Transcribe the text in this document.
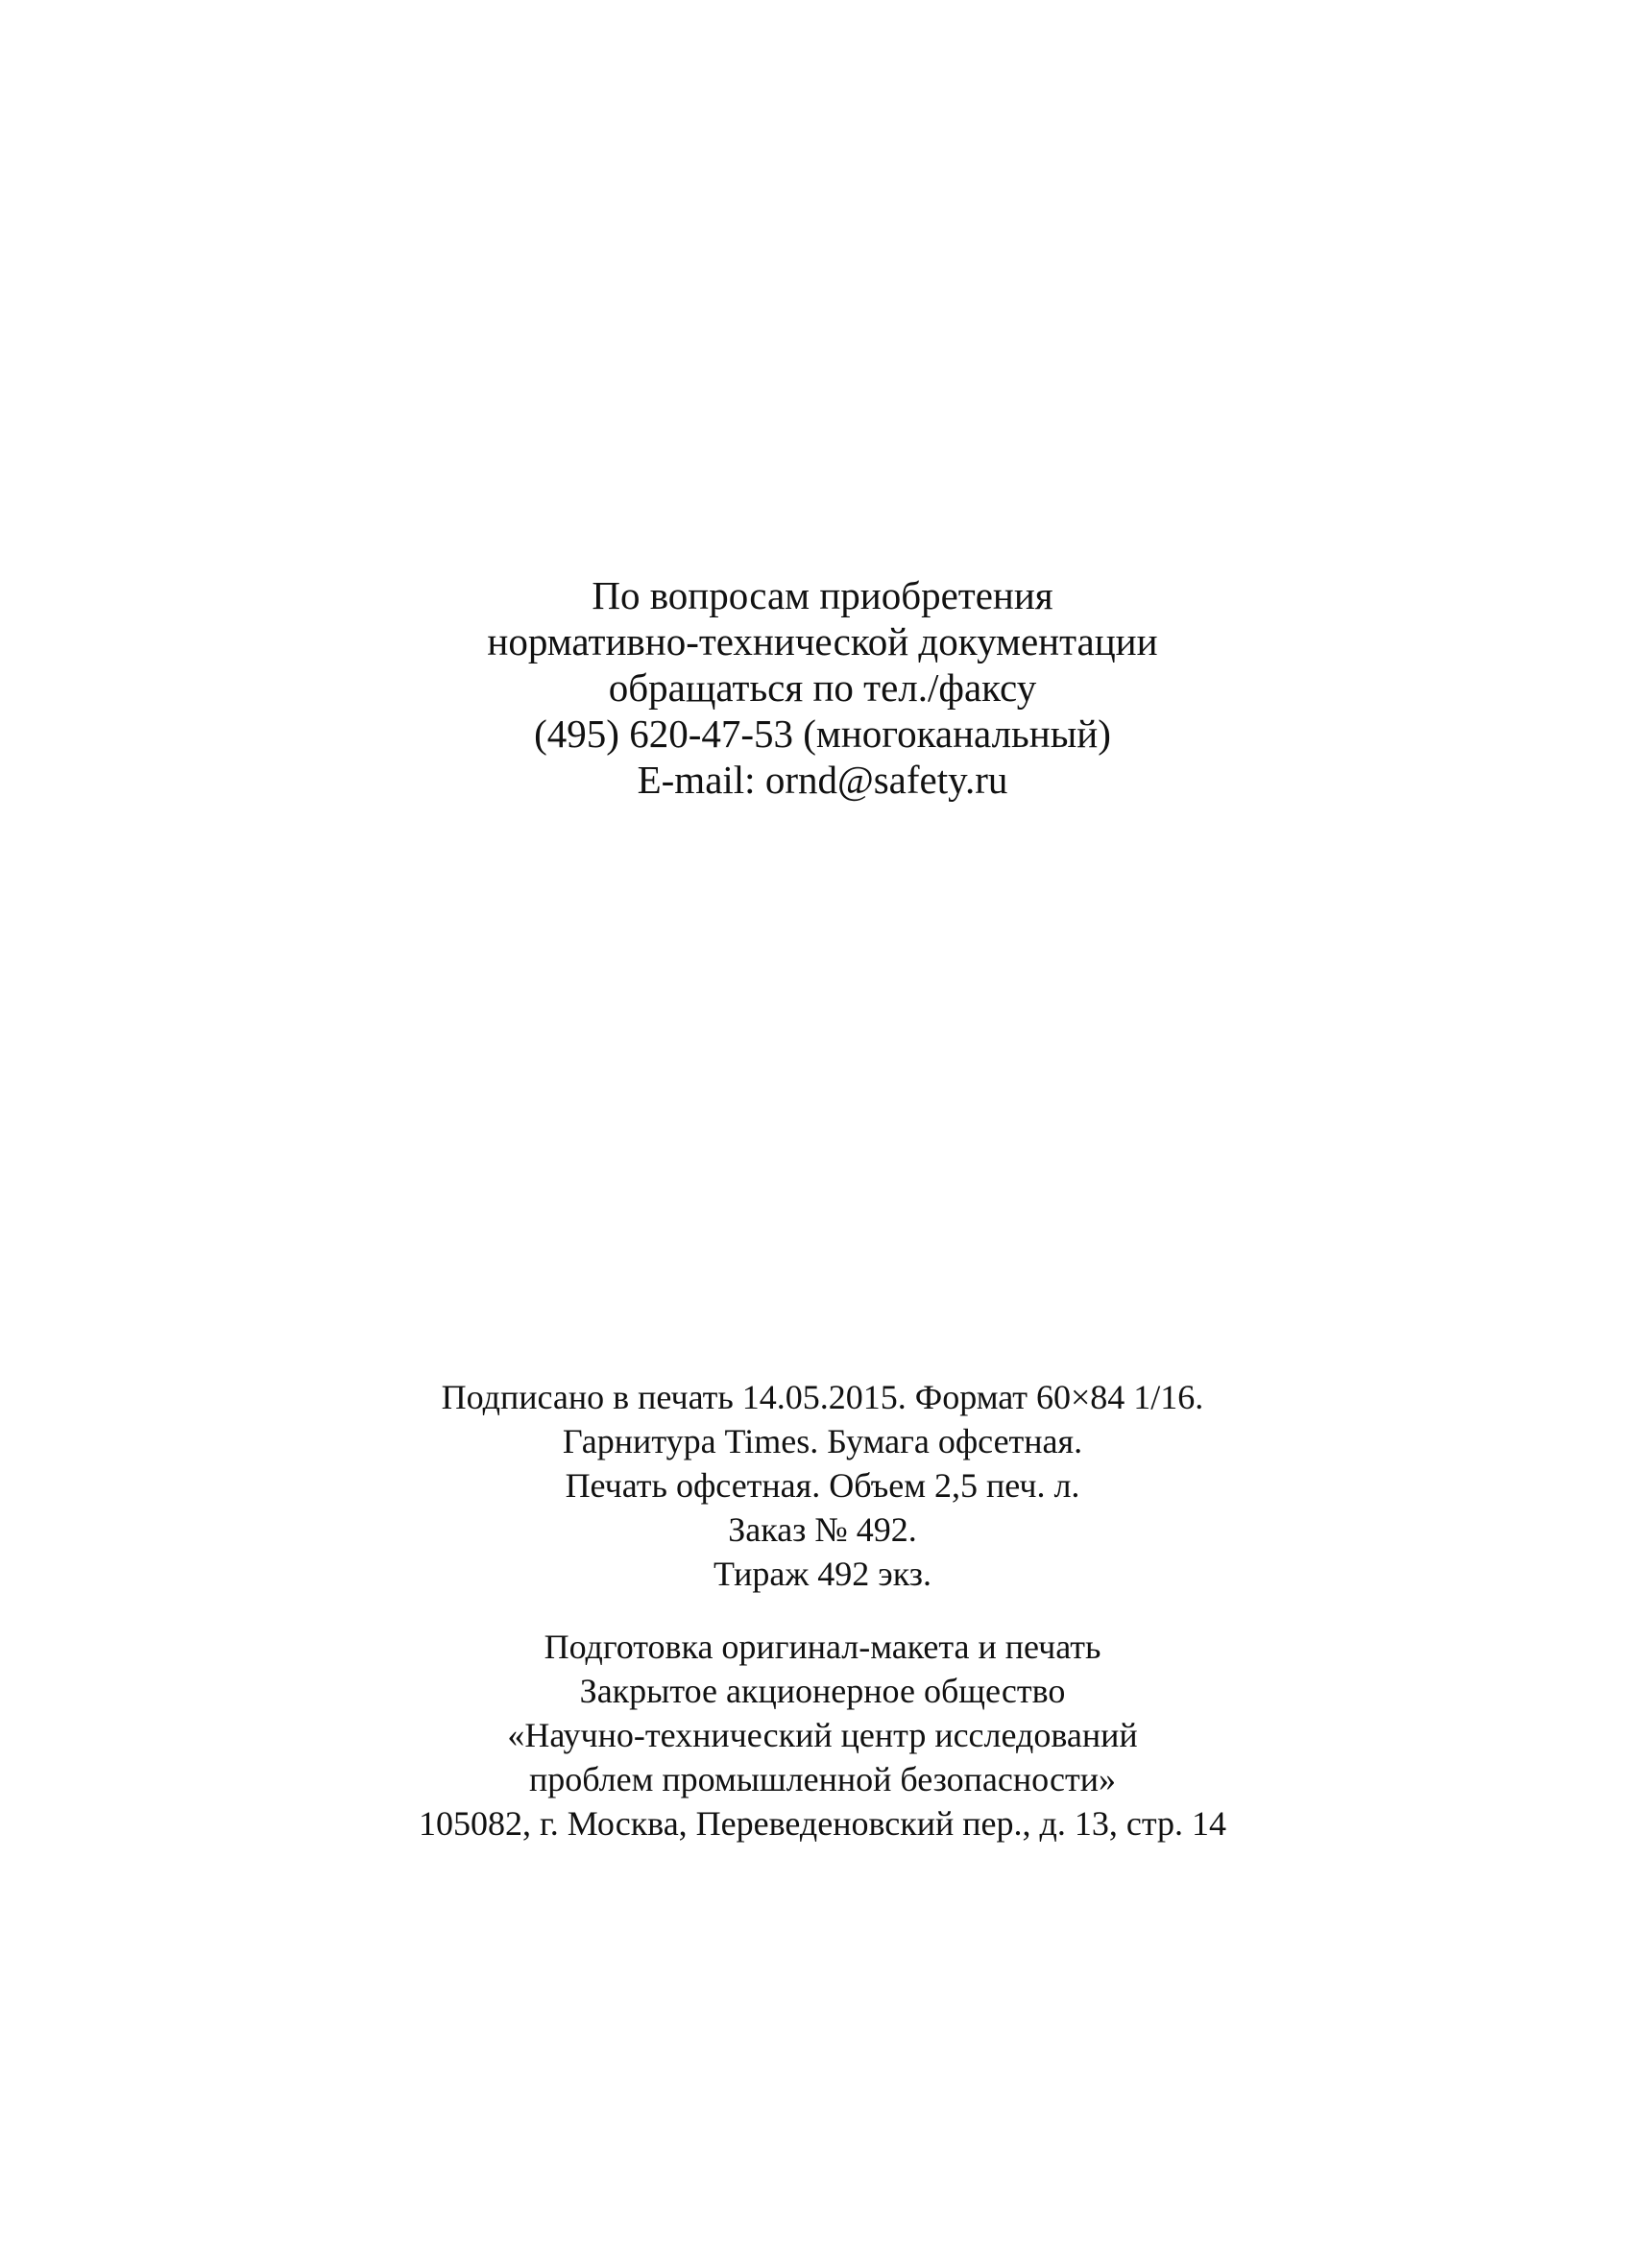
По вопросам приобретения
нормативно-технической документации
обращаться по тел./факсу
(495) 620-47-53 (многоканальный)
E-mail: ornd@safety.ru
Подписано в печать 14.05.2015. Формат 60×84 1/16.
Гарнитура Times. Бумага офсетная.
Печать офсетная. Объем 2,5 печ. л.
Заказ № 492.
Тираж 492 экз.
Подготовка оригинал-макета и печать
Закрытое акционерное общество
«Научно-технический центр исследований
проблем промышленной безопасности»
105082, г. Москва, Переведеновский пер., д. 13, стр. 14
